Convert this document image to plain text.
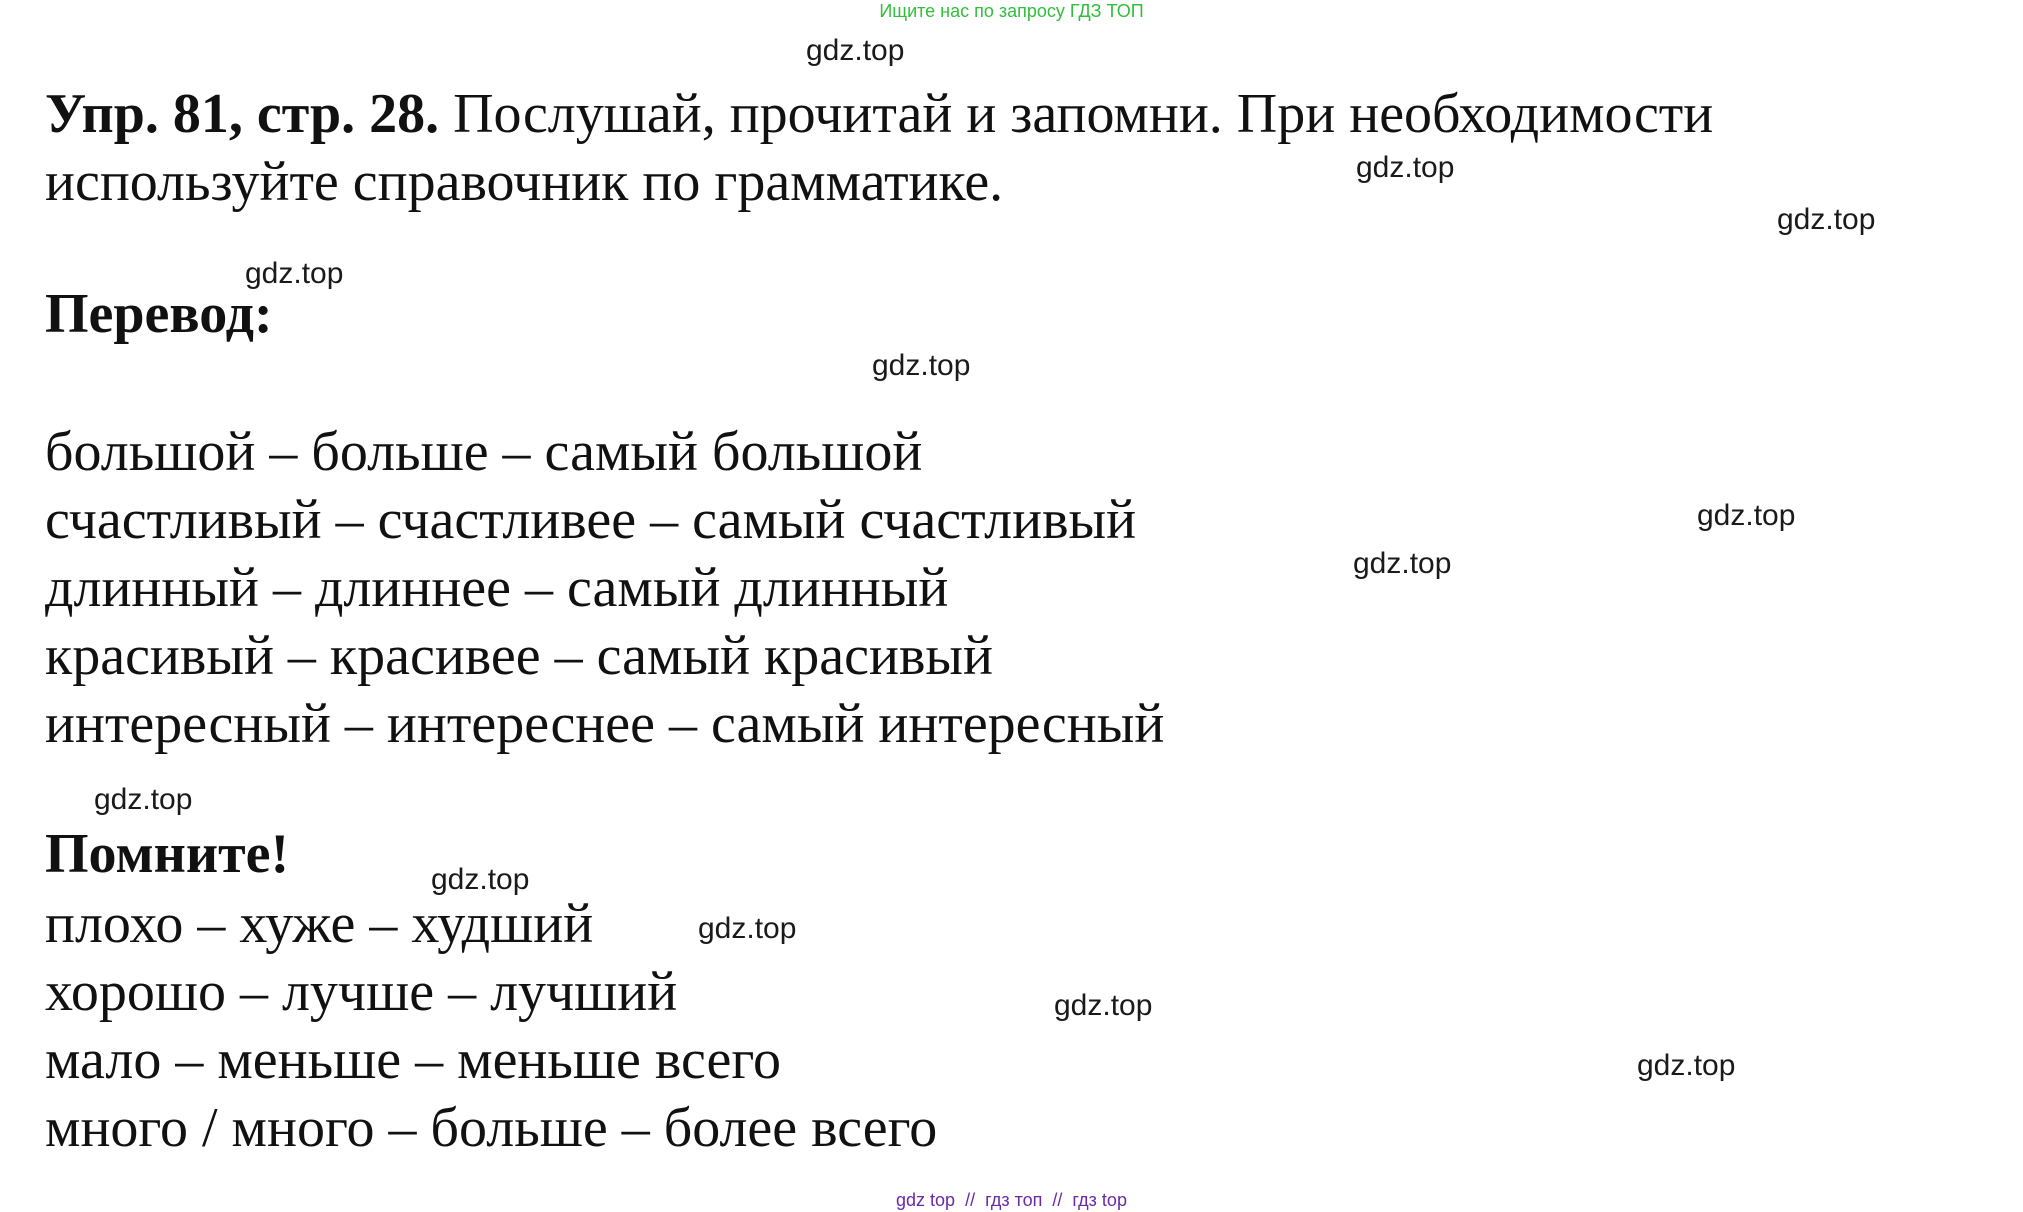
Ищите нас по запросу ГДЗ ТОП

Упр. 81, стр. 28. Послушай, прочитай и запомни. При необходимости
используйте справочник по грамматике.

Перевод:

большой – больше – самый большой
счастливый – счастливее – самый счастливый
длинный – длиннее – самый длинный
красивый – красивее – самый красивый
интересный – интереснее – самый интересный

Помните!

плохо – хуже – худший
хорошо – лучше – лучший
мало – меньше – меньше всего
много / много – больше – более всего
gdz.top
gdz.top
gdz.top
gdz.top
gdz.top
gdz.top
gdz.top
gdz.top
gdz.top
gdz.top
gdz.top
gdz.top
gdz top // гдз топ // гдз top
